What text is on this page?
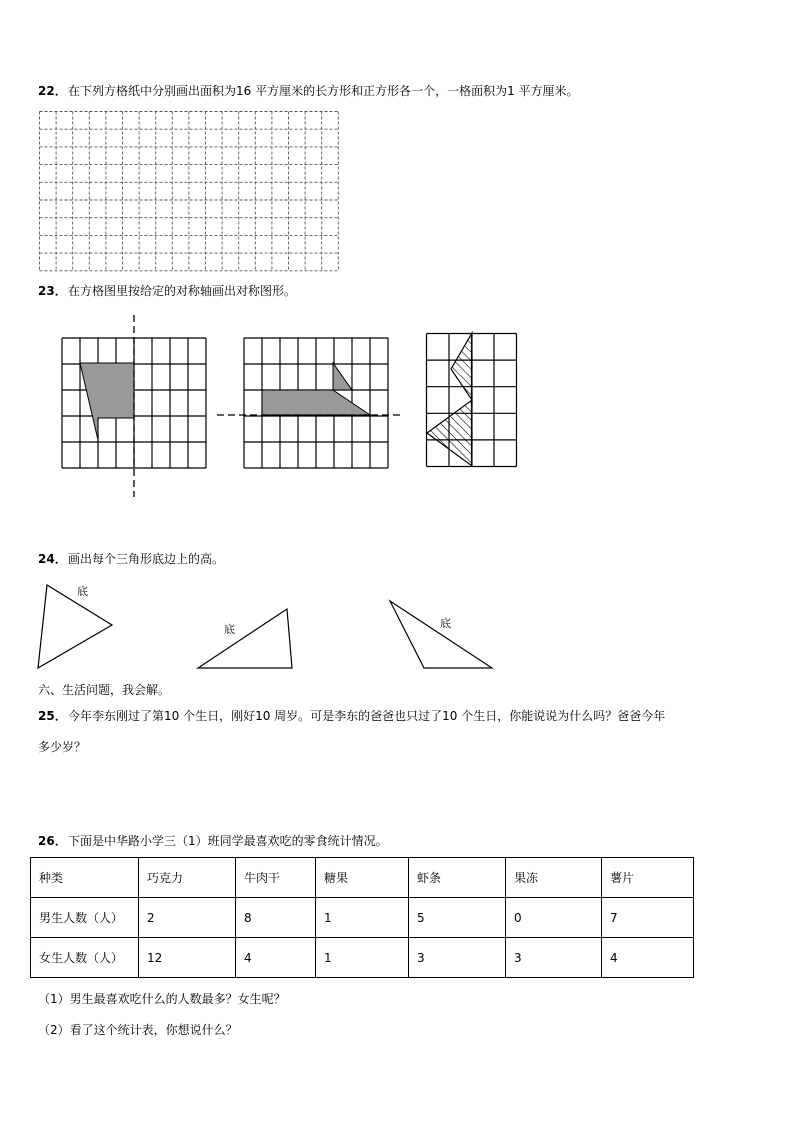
22． 在下列方格纸中分别画出面积为16 平方厘米的长方形和正方形各一个，一格面积为1 平方厘米。
23． 在方格图里按给定的对称轴画出对称图形。
24． 画出每个三角形底边上的高。
底
底	底
六、生活问题，我会解。
25． 今年李东刚过了第10 个生日，刚好10 周岁。可是李东的爸爸也只过了10 个生日，你能说说为什么吗？爸爸今年
多少岁？
26． 下面是中华路小学三（1）班同学最喜欢吃的零食统计情况。
种类	巧克力	牛肉干	糖果	虾条	果冻	薯片
男生人数（人）	2	8	1	5	0	7
女生人数（人）	12	4	1	3	3	4
（1）男生最喜欢吃什么的人数最多？女生呢？
（2）看了这个统计表，你想说什么？
